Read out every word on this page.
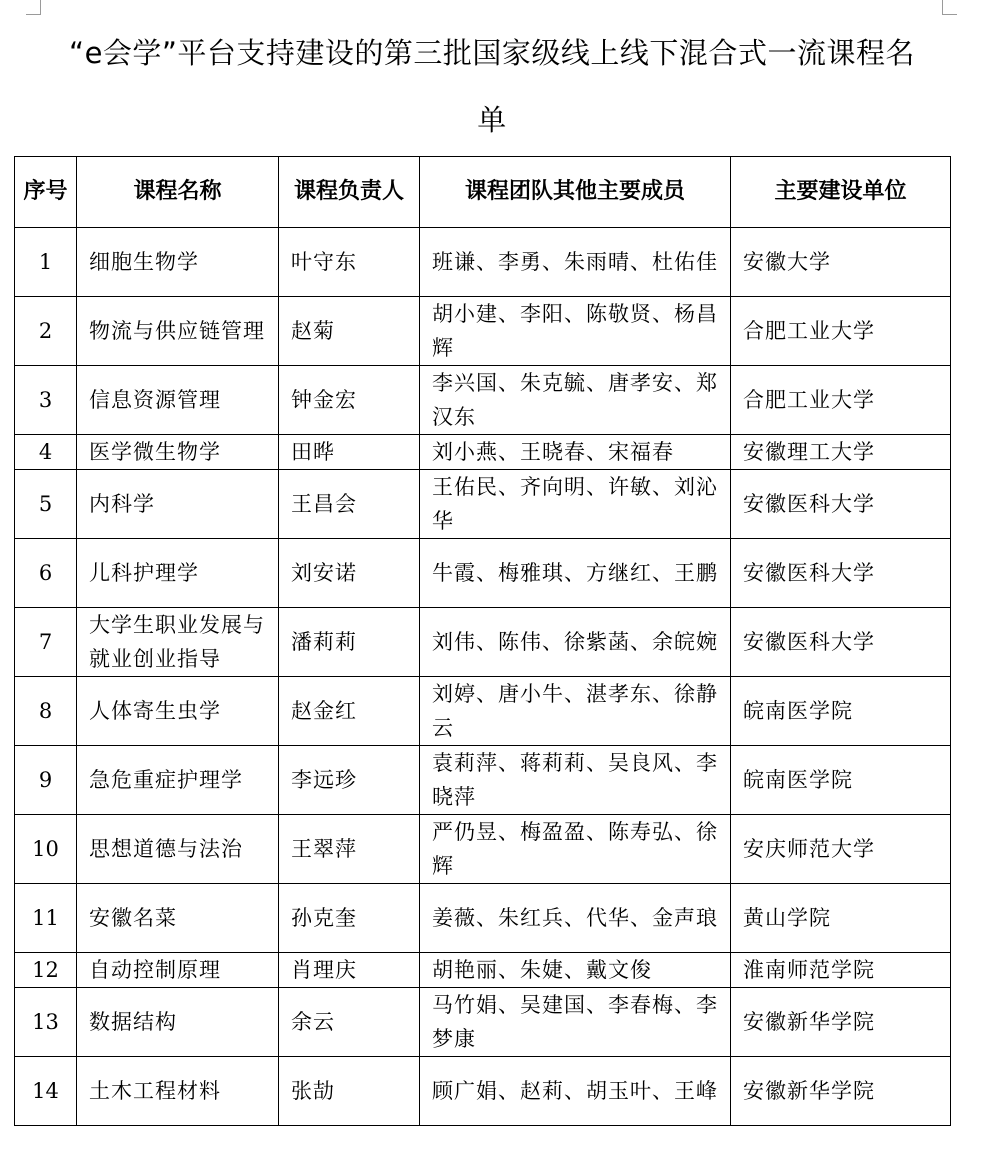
“e会学”平台支持建设的第三批国家级线上线下混合式一流课程名
单
序号	课程名称	课程负责人	课程团队其他主要成员	主要建设单位
1	细胞生物学	叶守东	班谦、李勇、朱雨晴、杜佑佳	安徽大学
2	物流与供应链管理	赵菊	胡小建、李阳、陈敬贤、杨昌辉	合肥工业大学
3	信息资源管理	钟金宏	李兴国、朱克毓、唐孝安、郑汉东	合肥工业大学
4	医学微生物学	田晔	刘小燕、王晓春、宋福春	安徽理工大学
5	内科学	王昌会	王佑民、齐向明、许敏、刘沁华	安徽医科大学
6	儿科护理学	刘安诺	牛霞、梅雅琪、方继红、王鹏	安徽医科大学
7	大学生职业发展与就业创业指导	潘莉莉	刘伟、陈伟、徐紫菡、余皖婉	安徽医科大学
8	人体寄生虫学	赵金红	刘婷、唐小牛、湛孝东、徐静云	皖南医学院
9	急危重症护理学	李远珍	袁莉萍、蒋莉莉、吴良风、李晓萍	皖南医学院
10	思想道德与法治	王翠萍	严仍昱、梅盈盈、陈寿弘、徐辉	安庆师范大学
11	安徽名菜	孙克奎	姜薇、朱红兵、代华、金声琅	黄山学院
12	自动控制原理	肖理庆	胡艳丽、朱婕、戴文俊	淮南师范学院
13	数据结构	余云	马竹娟、吴建国、李春梅、李梦康	安徽新华学院
14	土木工程材料	张劼	顾广娟、赵莉、胡玉叶、王峰	安徽新华学院
